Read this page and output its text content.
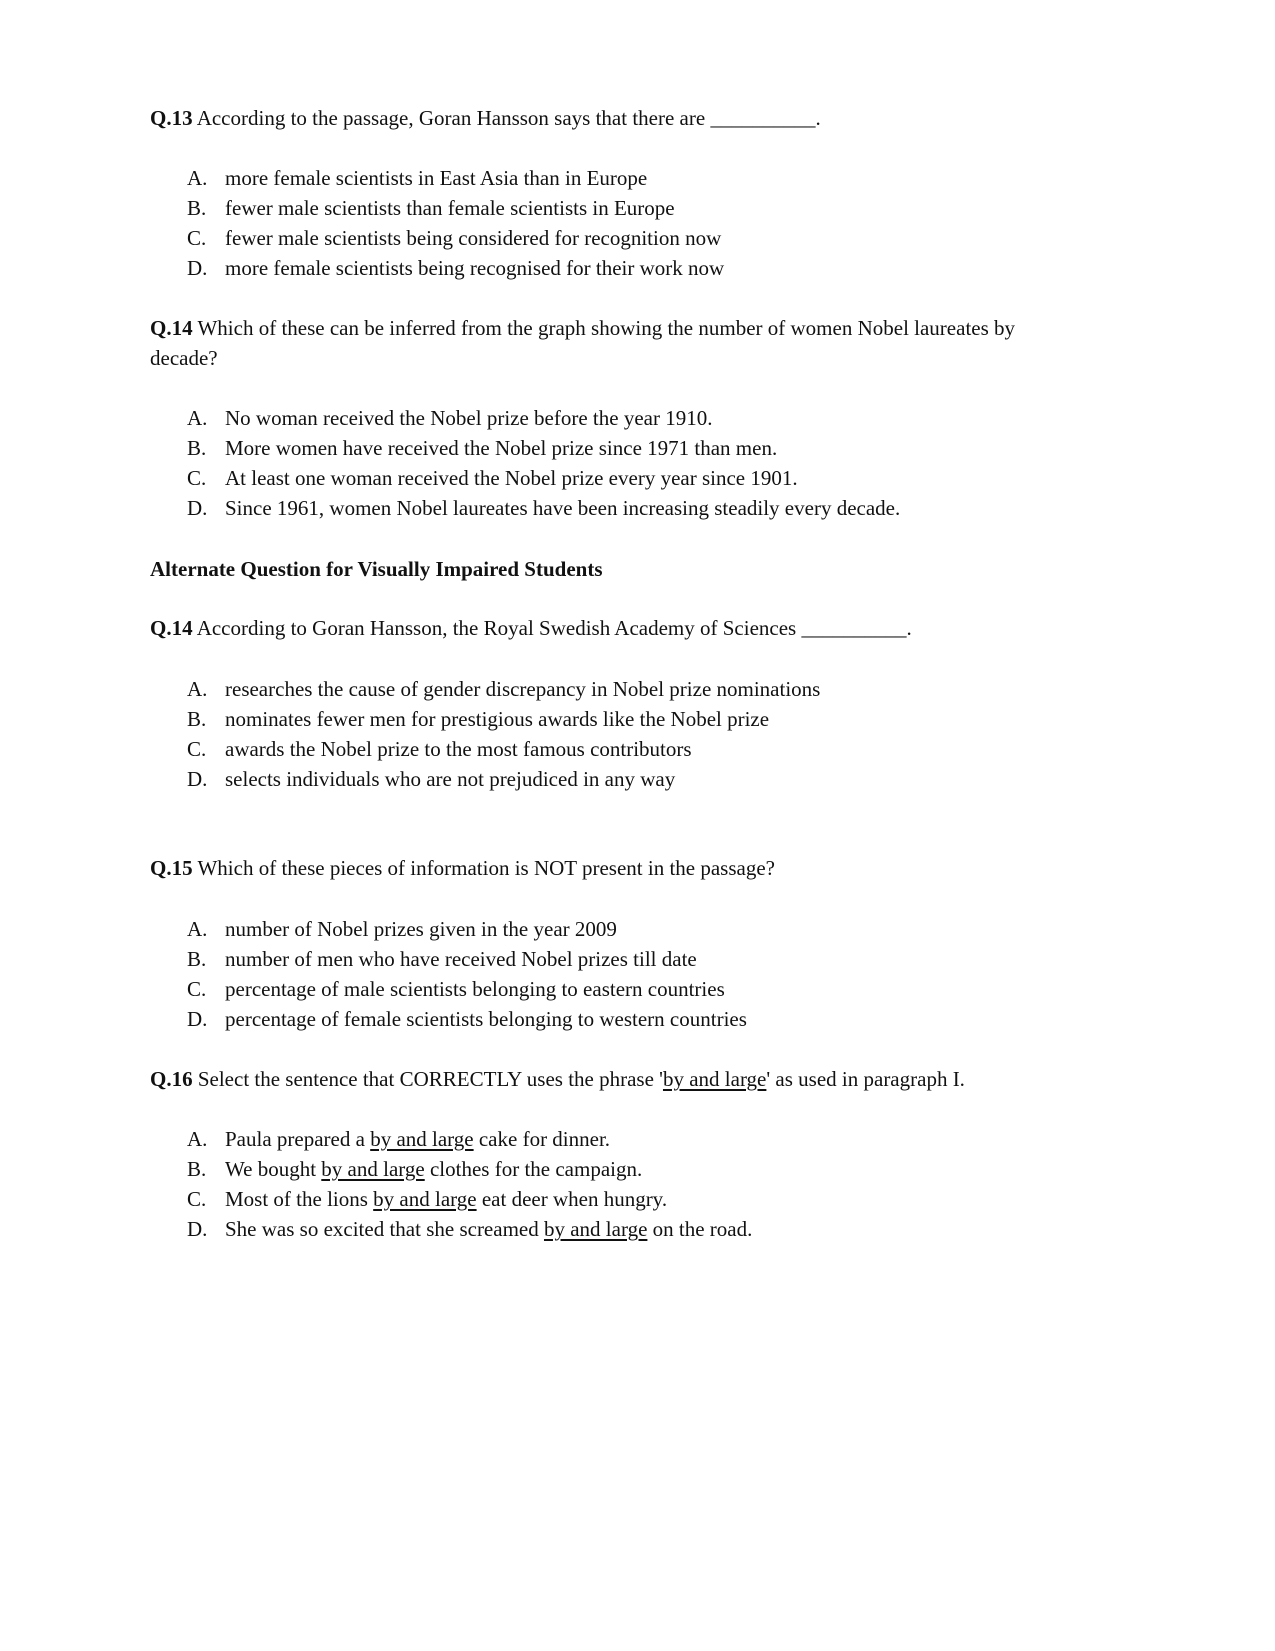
Q.13 According to the passage, Goran Hansson says that there are __________.
A. more female scientists in East Asia than in Europe
B. fewer male scientists than female scientists in Europe
C. fewer male scientists being considered for recognition now
D. more female scientists being recognised for their work now
Q.14 Which of these can be inferred from the graph showing the number of women Nobel laureates by
decade?
A. No woman received the Nobel prize before the year 1910.
B. More women have received the Nobel prize since 1971 than men.
C. At least one woman received the Nobel prize every year since 1901.
D. Since 1961, women Nobel laureates have been increasing steadily every decade.
Alternate Question for Visually Impaired Students
Q.14 According to Goran Hansson, the Royal Swedish Academy of Sciences __________.
A. researches the cause of gender discrepancy in Nobel prize nominations
B. nominates fewer men for prestigious awards like the Nobel prize
C. awards the Nobel prize to the most famous contributors
D. selects individuals who are not prejudiced in any way
Q.15 Which of these pieces of information is NOT present in the passage?
A. number of Nobel prizes given in the year 2009
B. number of men who have received Nobel prizes till date
C. percentage of male scientists belonging to eastern countries
D. percentage of female scientists belonging to western countries
Q.16 Select the sentence that CORRECTLY uses the phrase 'by and large' as used in paragraph I.
A. Paula prepared a by and large cake for dinner.
B. We bought by and large clothes for the campaign.
C. Most of the lions by and large eat deer when hungry.
D. She was so excited that she screamed by and large on the road.
